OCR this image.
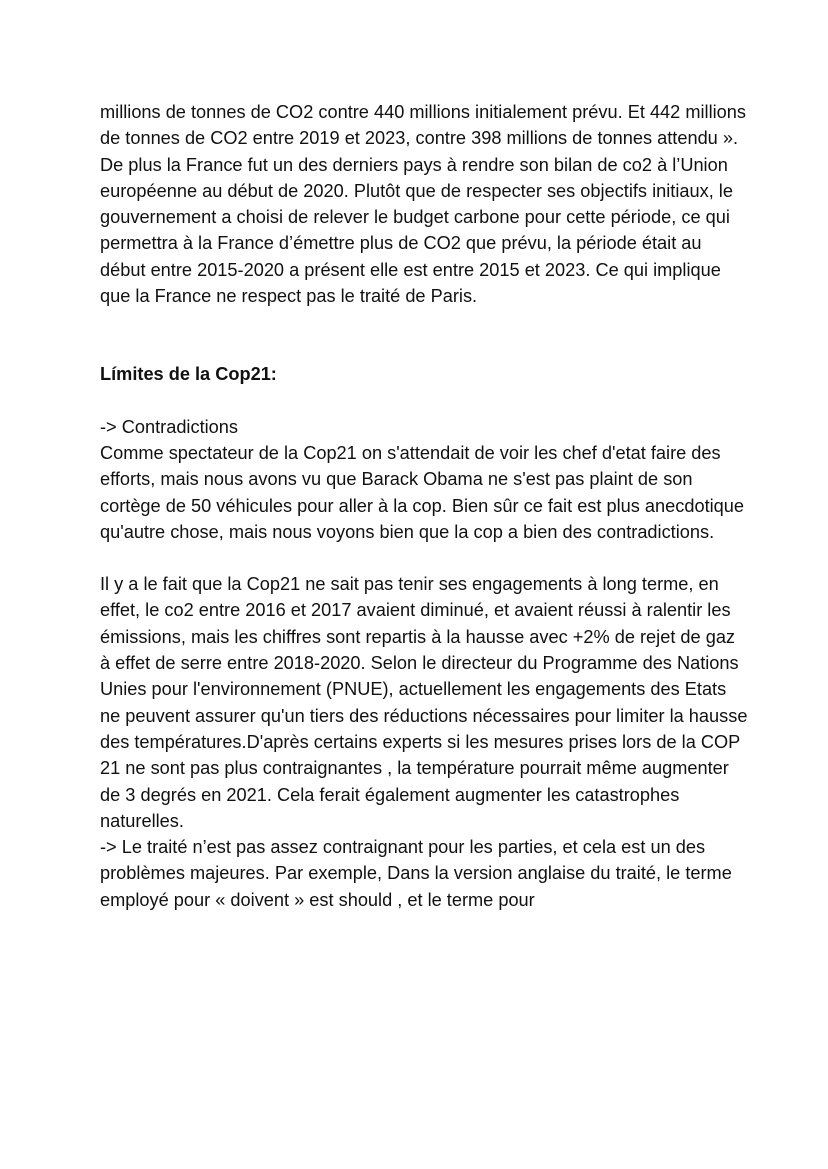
millions de tonnes de CO2 contre 440 millions initialement prévu. Et 442 millions de tonnes de CO2 entre 2019 et 2023, contre 398 millions de tonnes attendu ».

De plus la France fut un des derniers pays à rendre son bilan de co2 à l’Union européenne au début de 2020. Plutôt que de respecter ses objectifs initiaux, le gouvernement a choisi de relever le budget carbone pour cette période, ce qui permettra à la France d’émettre plus de CO2 que prévu, la période était au début entre 2015-2020 a présent elle est entre 2015 et 2023. Ce qui implique que la France ne respect pas le traité de Paris.

Límites de la Cop21:

-> Contradictions

Comme spectateur de la Cop21 on s'attendait de voir les chef d'etat faire des efforts, mais nous avons vu que Barack Obama ne s'est pas plaint de son cortège de 50 véhicules pour aller à la cop. Bien sûr ce fait est plus anecdotique qu'autre chose, mais nous voyons bien que la cop a bien des contradictions.

Il y a le fait que la Cop21 ne sait pas tenir ses engagements à long terme, en effet, le co2 entre 2016 et 2017 avaient diminué, et avaient réussi à ralentir les émissions, mais les chiffres sont repartis à la hausse avec +2% de rejet de gaz à effet de serre entre 2018-2020. Selon le directeur du Programme des Nations Unies pour l'environnement (PNUE), actuellement les engagements des Etats ne peuvent assurer qu'un tiers des réductions nécessaires pour limiter la hausse des températures.D'après certains experts si les mesures prises lors de la COP 21 ne sont pas plus contraignantes , la température pourrait même augmenter de 3 degrés en 2021. Cela ferait également augmenter les catastrophes naturelles.

-> Le traité n’est pas assez contraignant pour les parties, et cela est un des problèmes majeures. Par exemple, Dans la version anglaise du traité, le terme employé pour « doivent » est should , et le terme pour
